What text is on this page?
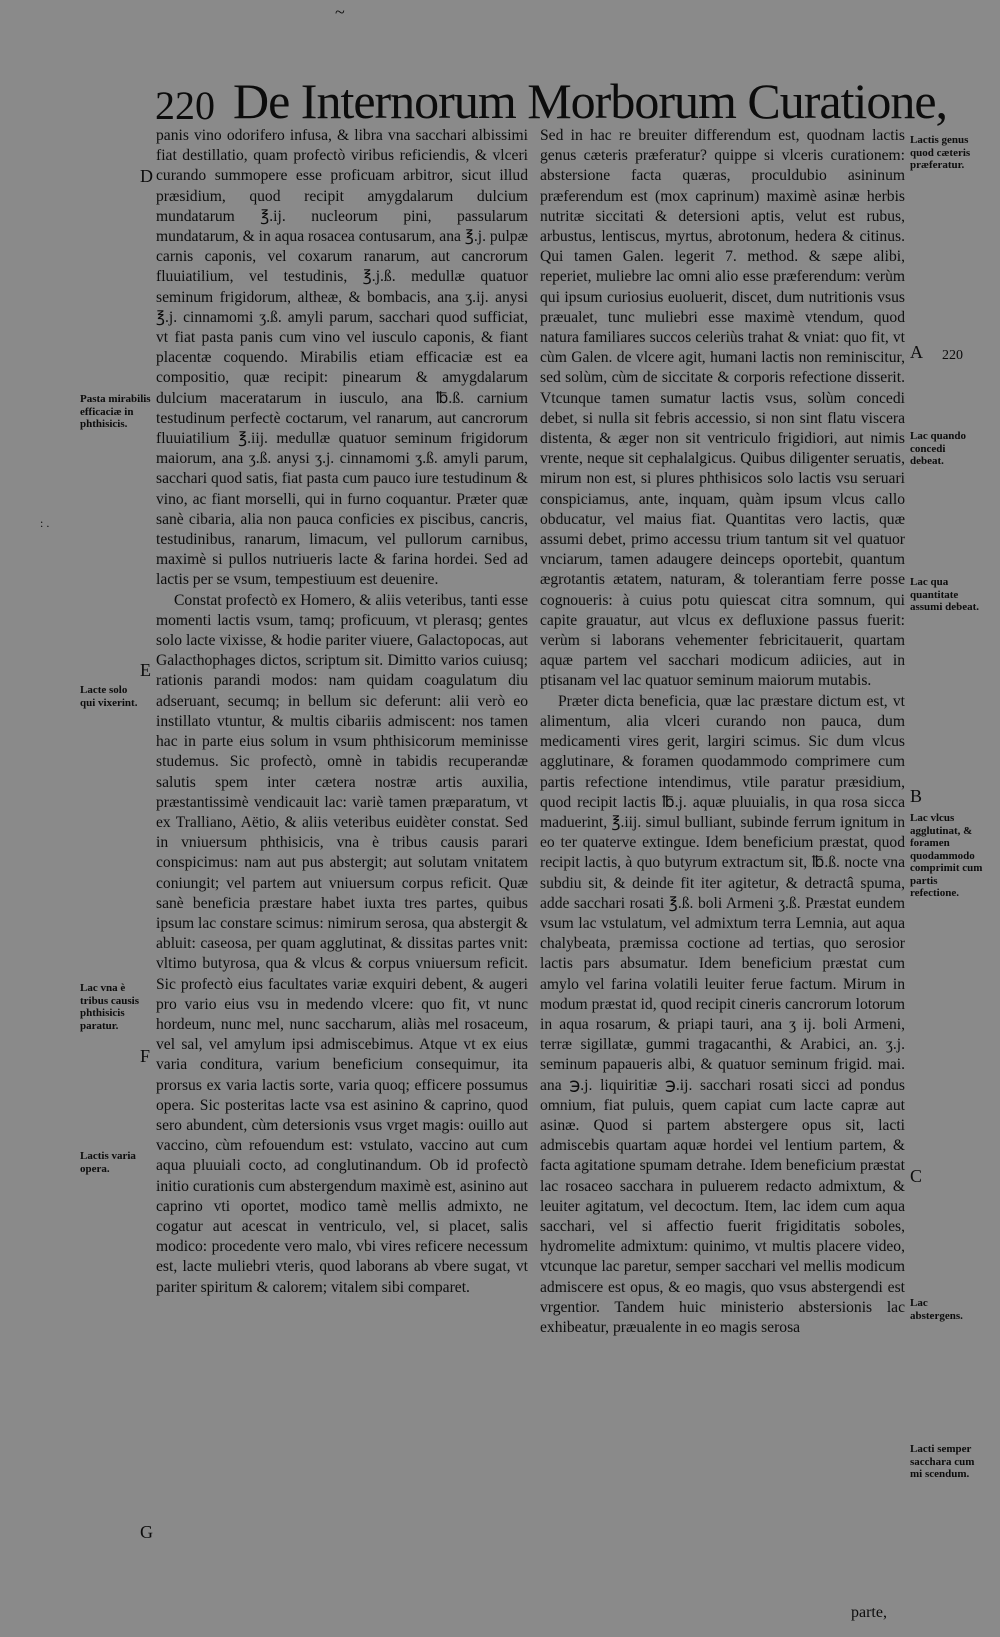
~
220 De Internorum Morborum Curatione,

panis vino odorifero infusa, & libra vna sacchari albissimi fiat destillatio, quam profectò viribus reficiendis, & vlceri curando summopere esse proficuam arbitror, sicut illud præsidium, quod recipit amygdalarum dulcium mundatarum ℥.ij. nucleorum pini, passularum mundatarum, & in aqua rosacea contusarum, ana ℥.j. pulpæ carnis caponis, vel coxarum ranarum, aut cancrorum fluuiatilium, vel testudinis, ℥.j.ß. medullæ quatuor seminum frigidorum, altheæ, & bombacis, ana ʒ.ij. anysi ℥.j. cinnamomi ʒ.ß. amyli parum, sacchari quod sufficiat, vt fiat pasta panis cum vino vel iusculo caponis, & fiant placentæ coquendo. Mirabilis etiam efficaciæ est ea compositio, quæ recipit: pinearum & amygdalarum dulcium maceratarum in iusculo, ana ℔.ß. carnium testudinum perfectè coctarum, vel ranarum, aut cancrorum fluuiatilium ℥.iij. medullæ quatuor seminum frigidorum maiorum, ana ʒ.ß. anysi ʒ.j. cinnamomi ʒ.ß. amyli parum, sacchari quod satis, fiat pasta cum pauco iure testudinum & vino, ac fiant morselli, qui in furno coquantur. Præter quæ sanè cibaria, alia non pauca conficies ex piscibus, cancris, testudinibus, ranarum, limacum, vel pullorum carnibus, maximè si pullos nutriueris lacte & farina hordei. Sed ad lactis per se vsum, tempestiuum est deuenire.

Constat profectò ex Homero, & aliis veteribus, tanti esse momenti lactis vsum, tamq; proficuum, vt plerasq; gentes solo lacte vixisse, & hodie pariter viuere, Galactopocas, aut Galacthophages dictos, scriptum sit. Dimitto varios cuiusq; rationis parandi modos: nam quidam coagulatum diu adseruant, secumq; in bellum sic deferunt: alii verò eo instillato vtuntur, & multis cibariis admiscent: nos tamen hac in parte eius solum in vsum phthisicorum meminisse studemus. Sic profectò, omnè in tabidis recuperandæ salutis spem inter cætera nostræ artis auxilia, præstantissimè vendicauit lac: variè tamen præparatum, vt ex Tralliano, Aëtio, & aliis veteribus euidèter constat. Sed in vniuersum phthisicis, vna è tribus causis parari conspicimus: nam aut pus abstergit; aut solutam vnitatem coniungit; vel partem aut vniuersum corpus reficit. Quæ sanè beneficia præstare habet iuxta tres partes, quibus ipsum lac constare scimus: nimirum serosa, qua abstergit & abluit: caseosa, per quam agglutinat, & dissitas partes vnit: vltimo butyrosa, qua & vlcus & corpus vniuersum reficit. Sic profectò eius facultates variæ exquiri debent, & augeri pro vario eius vsu in medendo vlcere: quo fit, vt nunc hordeum, nunc mel, nunc saccharum, aliàs mel rosaceum, vel sal, vel amylum ipsi admiscebimus. Atque vt ex eius varia conditura, varium beneficium consequimur, ita prorsus ex varia lactis sorte, varia quoq; efficere possumus opera. Sic posteritas lacte vsa est asinino & caprino, quod sero abundent, cùm detersionis vsus vrget magis: ouillo aut vaccino, cùm refouendum est: vstulato, vaccino aut cum aqua pluuiali cocto, ad conglutinandum. Ob id profectò initio curationis cum abstergendum maximè est, asinino aut caprino vti oportet, modico tamè mellis admixto, ne cogatur aut acescat in ventriculo, vel, si placet, salis modico: procedente vero malo, vbi vires reficere necessum est, lacte muliebri vteris, quod laborans ab vbere sugat, vt pariter spiritum & calorem; vitalem sibi comparet.

Sed in hac re breuiter differendum est, quodnam lactis genus cæteris præferatur? quippe si vlceris curationem: abstersione facta quæras, proculdubio asininum præferendum est (mox caprinum) maximè asinæ herbis nutritæ siccitati & detersioni aptis, velut est rubus, arbustus, lentiscus, myrtus, abrotonum, hedera & citinus. Qui tamen Galen. legerit 7. method. & sæpe alibi, reperiet, muliebre lac omni alio esse præferendum: verùm qui ipsum curiosius euoluerit, discet, dum nutritionis vsus præualet, tunc muliebri esse maximè vtendum, quod natura familiares succos celeriùs trahat & vniat: quo fit, vt cùm Galen. de vlcere agit, humani lactis non reminiscitur, sed solùm, cùm de siccitate & corporis refectione disserit. Vtcunque tamen sumatur lactis vsus, solùm concedi debet, si nulla sit febris accessio, si non sint flatu viscera distenta, & æger non sit ventriculo frigidiori, aut nimis vrente, neque sit cephalalgicus. Quibus diligenter seruatis, mirum non est, si plures phthisicos solo lactis vsu seruari conspiciamus, ante, inquam, quàm ipsum vlcus callo obducatur, vel maius fiat. Quantitas vero lactis, quæ assumi debet, primo accessu trium tantum sit vel quatuor vnciarum, tamen adaugere deinceps oportebit, quantum ægrotantis ætatem, naturam, & tolerantiam ferre posse cognoueris: à cuius potu quiescat citra somnum, qui capite grauatur, aut vlcus ex defluxione passus fuerit: verùm si laborans vehementer febricitauerit, quartam aquæ partem vel sacchari modicum adiicies, aut in ptisanam vel lac quatuor seminum maiorum mutabis.

Præter dicta beneficia, quæ lac præstare dictum est, vt alimentum, alia vlceri curando non pauca, dum medicamenti vires gerit, largiri scimus. Sic dum vlcus agglutinare, & foramen quodammodo comprimere cum partis refectione intendimus, vtile paratur præsidium, quod recipit lactis ℔.j. aquæ pluuialis, in qua rosa sicca maduerint, ℥.iij. simul bulliant, subinde ferrum ignitum in eo ter quaterve extingue. Idem beneficium præstat, quod recipit lactis, à quo butyrum extractum sit, ℔.ß. nocte vna subdiu sit, & deinde fit iter agitetur, & detractâ spuma, adde sacchari rosati ℥.ß. boli Armeni ʒ.ß. Præstat eundem vsum lac vstulatum, vel admixtum terra Lemnia, aut aqua chalybeata, præmissa coctione ad tertias, quo serosior lactis pars absumatur. Idem beneficium præstat cum amylo vel farina volatili leuiter ferue factum. Mirum in modum præstat id, quod recipit cineris cancrorum lotorum in aqua rosarum, & priapi tauri, ana ʒ ij. boli Armeni, terræ sigillatæ, gummi tragacanthi, & Arabici, an. ʒ.j. seminum papaueris albi, & quatuor seminum frigid. mai. ana ℈.j. liquiritiæ ℈.ij. sacchari rosati sicci ad pondus omnium, fiat puluis, quem capiat cum lacte capræ aut asinæ. Quod si partem abstergere opus sit, lacti admiscebis quartam aquæ hordei vel lentium partem, & facta agitatione spumam detrahe. Idem beneficium præstat lac rosaceo sacchara in puluerem redacto admixtum, & leuiter agitatum, vel decoctum. Item, lac idem cum aqua sacchari, vel si affectio fuerit frigiditatis soboles, hydromelite admixtum: quinimo, vt multis placere video, vtcunque lac paretur, semper sacchari vel mellis modicum admiscere est opus, & eo magis, quo vsus abstergendi est vrgentior. Tandem huic ministerio abstersionis lac exhibeatur, præualente in eo magis serosa

Pasta mirabilis efficaciæ in phthisicis.
Lacte solo qui vixerint.
Lac vna è tribus causis phthisicis paratur.
Lactis varia opera.
: .
Lactis genus quod cæteris præferatur.
Lac quando concedi debeat.
Lac qua quantitate assumi debeat.
Lac vlcus agglutinat, & foramen quodammodo comprimit cum partis refectione.
Lac abstergens.
Lacti semper sacchara cum mi scendum.
D
E
F
G
A
B
C
220
parte,
